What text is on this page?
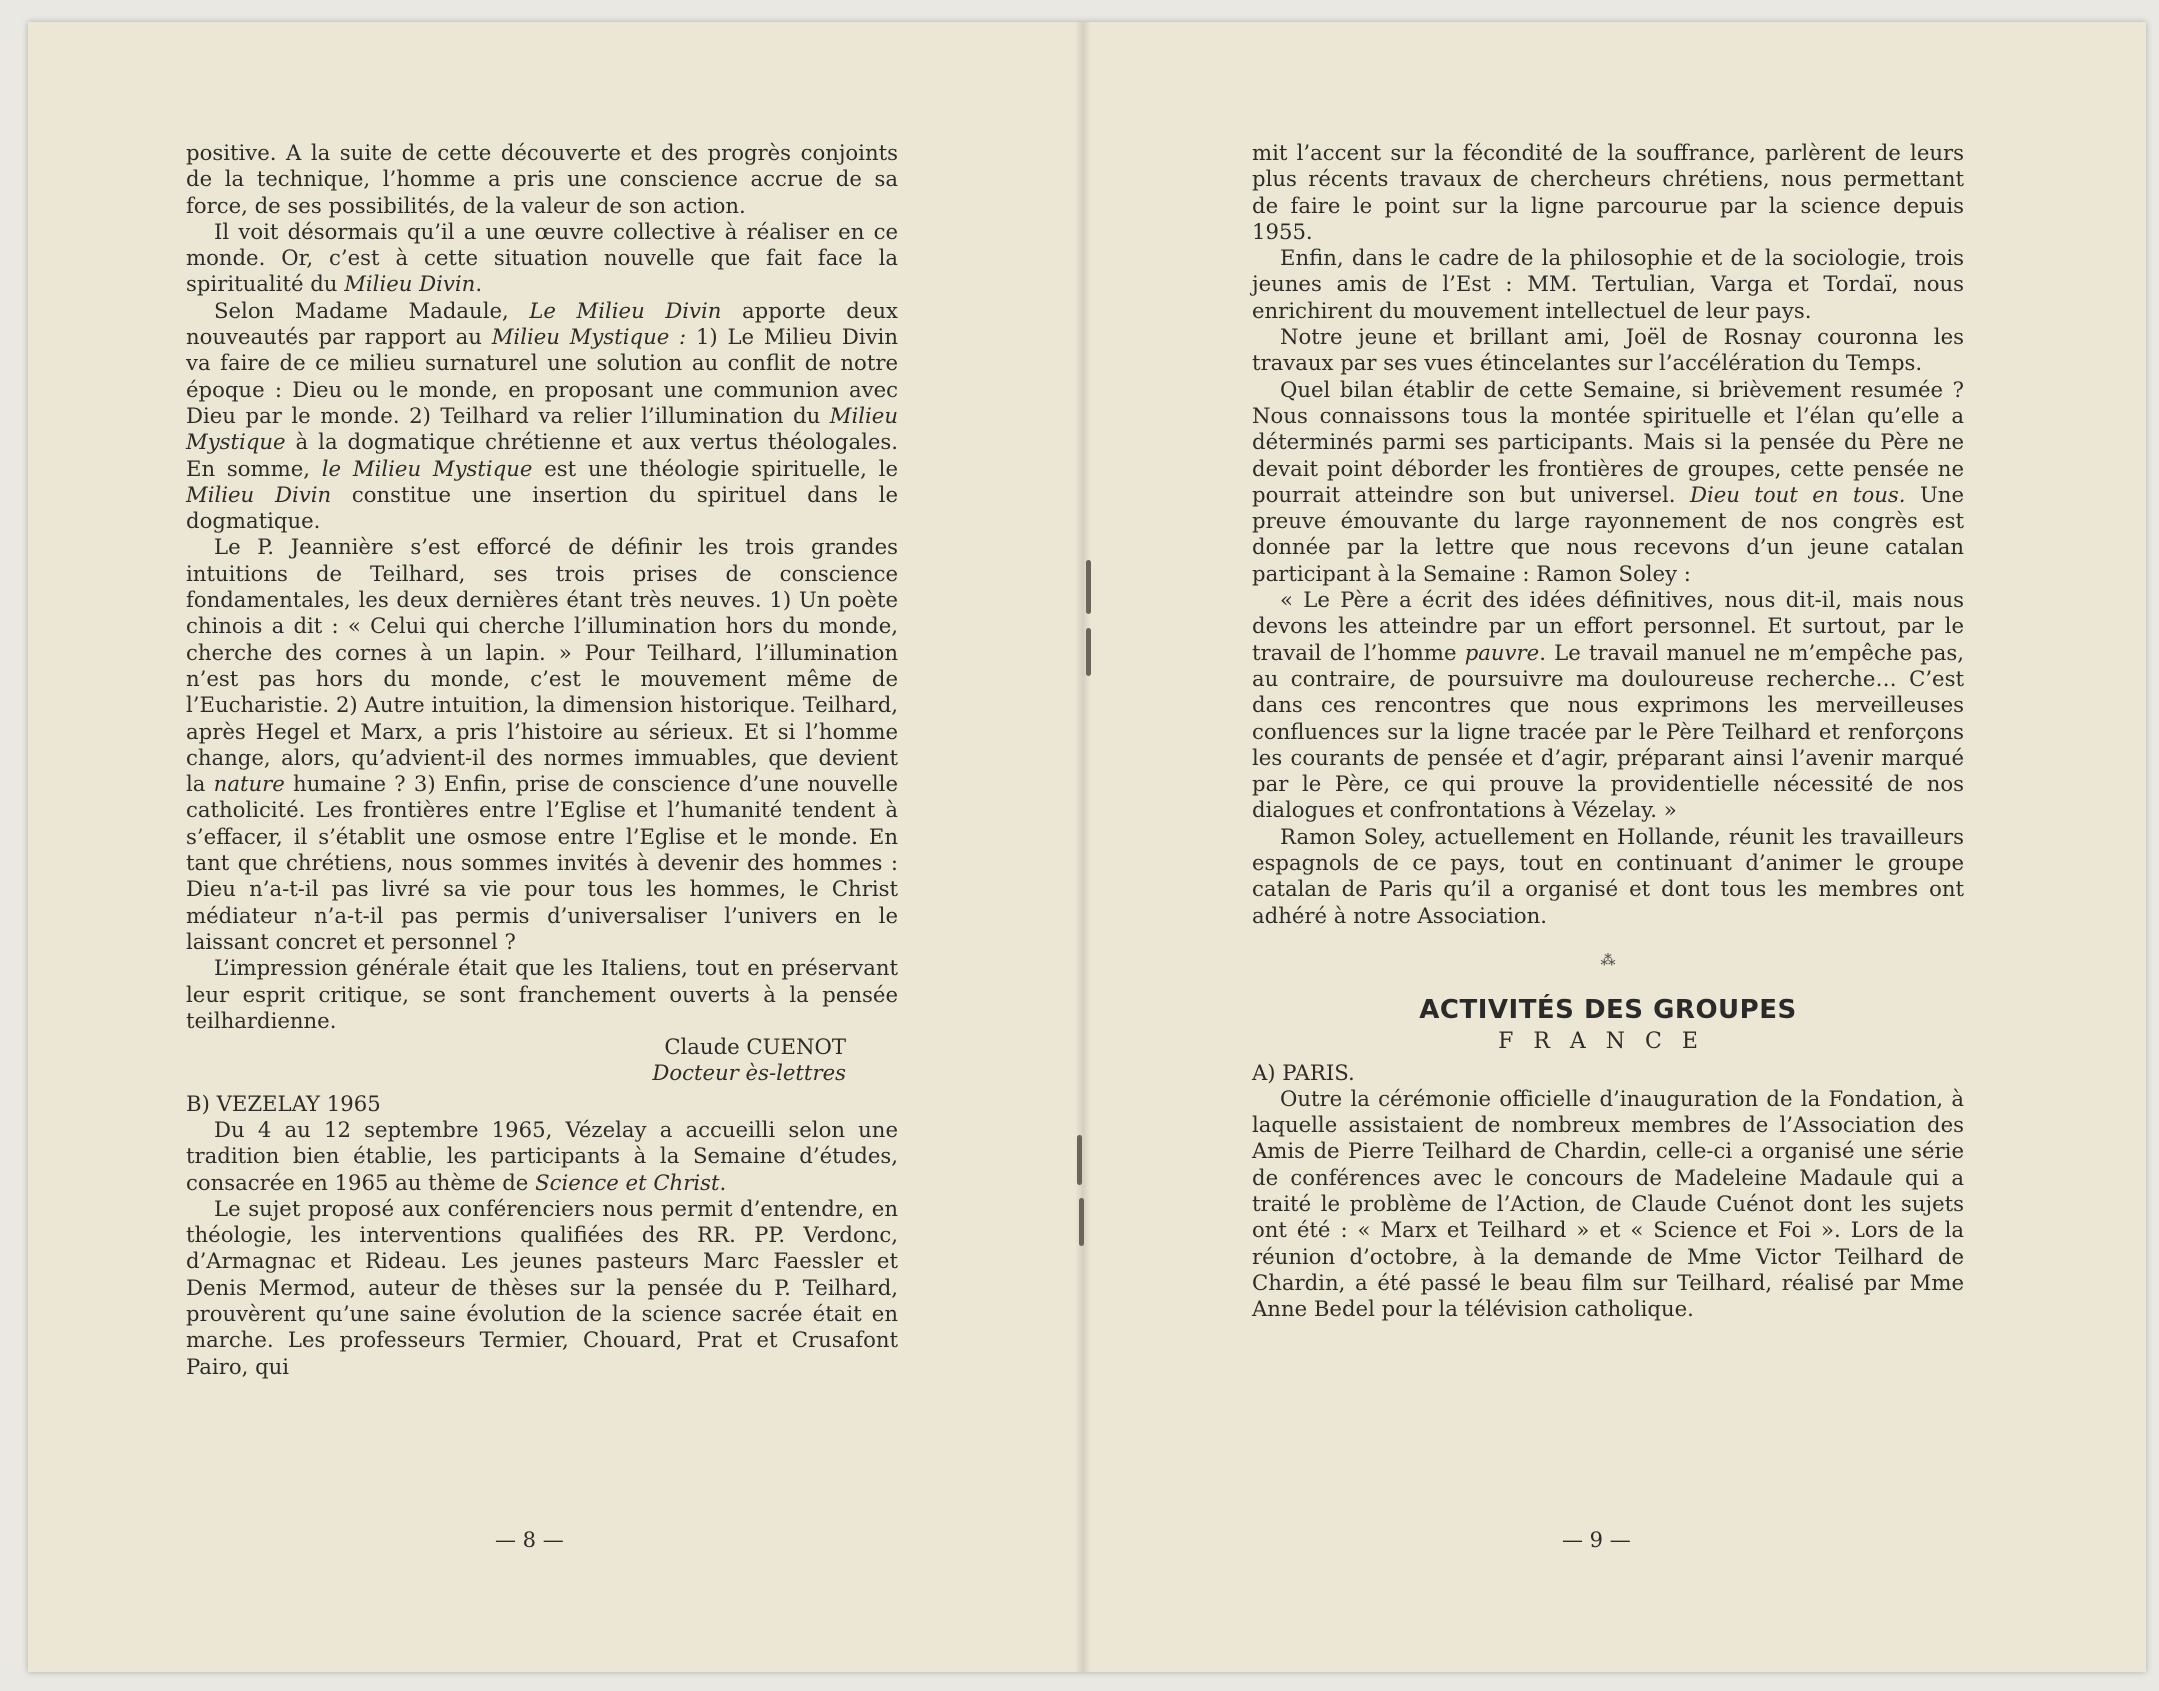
positive. A la suite de cette découverte et des progrès conjoints de la technique, l’homme a pris une conscience accrue de sa force, de ses possibilités, de la valeur de son action.

Il voit désormais qu’il a une œuvre collective à réaliser en ce monde. Or, c’est à cette situation nouvelle que fait face la spiritualité du Milieu Divin.

Selon Madame Madaule, Le Milieu Divin apporte deux nouveautés par rapport au Milieu Mystique : 1) Le Milieu Divin va faire de ce milieu surnaturel une solution au conflit de notre époque : Dieu ou le monde, en proposant une communion avec Dieu par le monde. 2) Teilhard va relier l’illumination du Milieu Mystique à la dogmatique chrétienne et aux vertus théologales. En somme, le Milieu Mystique est une théologie spirituelle, le Milieu Divin constitue une insertion du spirituel dans le dogmatique.

Le P. Jeannière s’est efforcé de définir les trois grandes intuitions de Teilhard, ses trois prises de conscience fondamentales, les deux dernières étant très neuves. 1) Un poète chinois a dit : « Celui qui cherche l’illumination hors du monde, cherche des cornes à un lapin. » Pour Teilhard, l’illumination n’est pas hors du monde, c’est le mouvement même de l’Eucharistie. 2) Autre intuition, la dimension historique. Teilhard, après Hegel et Marx, a pris l’histoire au sérieux. Et si l’homme change, alors, qu’advient-il des normes immuables, que devient la nature humaine ? 3) Enfin, prise de conscience d’une nouvelle catholicité. Les frontières entre l’Eglise et l’humanité tendent à s’effacer, il s’établit une osmose entre l’Eglise et le monde. En tant que chrétiens, nous sommes invités à devenir des hommes : Dieu n’a-t-il pas livré sa vie pour tous les hommes, le Christ médiateur n’a-t-il pas permis d’universaliser l’univers en le laissant concret et personnel ?

L’impression générale était que les Italiens, tout en préservant leur esprit critique, se sont franchement ouverts à la pensée teilhardienne.

Claude CUENOT

Docteur ès-lettres

B) VEZELAY 1965

Du 4 au 12 septembre 1965, Vézelay a accueilli selon une tradition bien établie, les participants à la Semaine d’études, consacrée en 1965 au thème de Science et Christ.

Le sujet proposé aux conférenciers nous permit d’entendre, en théologie, les interventions qualifiées des RR. PP. Verdonc, d’Armagnac et Rideau. Les jeunes pasteurs Marc Faessler et Denis Mermod, auteur de thèses sur la pensée du P. Teilhard, prouvèrent qu’une saine évolution de la science sacrée était en marche. Les professeurs Termier, Chouard, Prat et Crusafont Pairo, qui

— 8 —

mit l’accent sur la fécondité de la souffrance, parlèrent de leurs plus récents travaux de chercheurs chrétiens, nous permettant de faire le point sur la ligne parcourue par la science depuis 1955.

Enfin, dans le cadre de la philosophie et de la sociologie, trois jeunes amis de l’Est : MM. Tertulian, Varga et Tordaï, nous enrichirent du mouvement intellectuel de leur pays.

Notre jeune et brillant ami, Joël de Rosnay couronna les travaux par ses vues étincelantes sur l’accélération du Temps.

Quel bilan établir de cette Semaine, si brièvement resumée ? Nous connaissons tous la montée spirituelle et l’élan qu’elle a déterminés parmi ses participants. Mais si la pensée du Père ne devait point déborder les frontières de groupes, cette pensée ne pourrait atteindre son but universel. Dieu tout en tous. Une preuve émouvante du large rayonnement de nos congrès est donnée par la lettre que nous recevons d’un jeune catalan participant à la Semaine : Ramon Soley :

« Le Père a écrit des idées définitives, nous dit-il, mais nous devons les atteindre par un effort personnel. Et surtout, par le travail de l’homme pauvre. Le travail manuel ne m’empêche pas, au contraire, de poursuivre ma douloureuse recherche… C’est dans ces rencontres que nous exprimons les merveilleuses confluences sur la ligne tracée par le Père Teilhard et renforçons les courants de pensée et d’agir, préparant ainsi l’avenir marqué par le Père, ce qui prouve la providentielle nécessité de nos dialogues et confrontations à Vézelay. »

Ramon Soley, actuellement en Hollande, réunit les travailleurs espagnols de ce pays, tout en continuant d’animer le groupe catalan de Paris qu’il a organisé et dont tous les membres ont adhéré à notre Association.

⁂
ACTIVITÉS DES GROUPES
FRANCE

A) PARIS.

Outre la cérémonie officielle d’inauguration de la Fondation, à laquelle assistaient de nombreux membres de l’Association des Amis de Pierre Teilhard de Chardin, celle-ci a organisé une série de conférences avec le concours de Madeleine Madaule qui a traité le problème de l’Action, de Claude Cuénot dont les sujets ont été : « Marx et Teilhard » et « Science et Foi ». Lors de la réunion d’octobre, à la demande de Mme Victor Teilhard de Chardin, a été passé le beau film sur Teilhard, réalisé par Mme Anne Bedel pour la télévision catholique.

— 9 —
